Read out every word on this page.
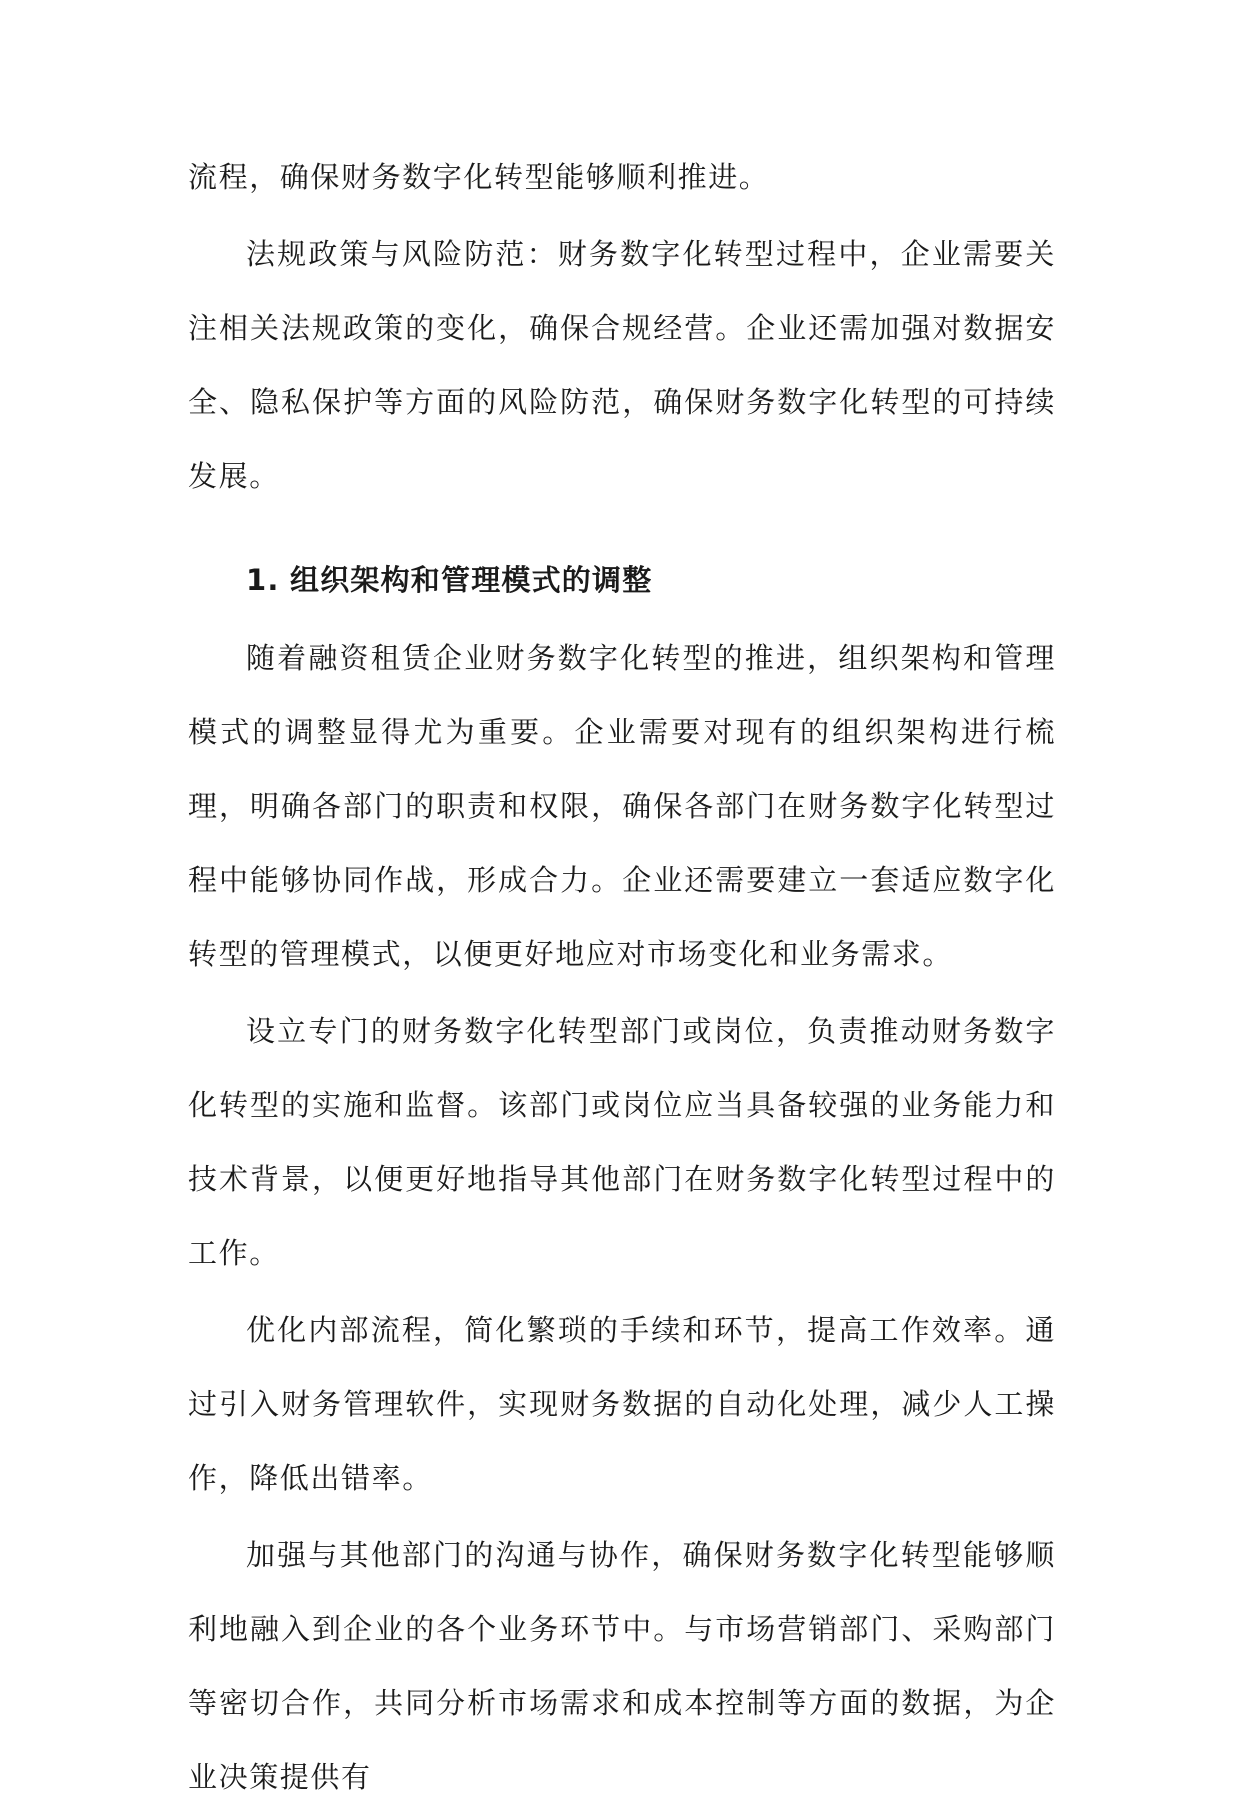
流程，确保财务数字化转型能够顺利推进。

法规政策与风险防范：财务数字化转型过程中，企业需要关注相关法规政策的变化，确保合规经营。企业还需加强对数据安全、隐私保护等方面的风险防范，确保财务数字化转型的可持续发展。

1. 组织架构和管理模式的调整

随着融资租赁企业财务数字化转型的推进，组织架构和管理模式的调整显得尤为重要。企业需要对现有的组织架构进行梳理，明确各部门的职责和权限，确保各部门在财务数字化转型过程中能够协同作战，形成合力。企业还需要建立一套适应数字化转型的管理模式，以便更好地应对市场变化和业务需求。

设立专门的财务数字化转型部门或岗位，负责推动财务数字化转型的实施和监督。该部门或岗位应当具备较强的业务能力和技术背景，以便更好地指导其他部门在财务数字化转型过程中的工作。

优化内部流程，简化繁琐的手续和环节，提高工作效率。通过引入财务管理软件，实现财务数据的自动化处理，减少人工操作，降低出错率。

加强与其他部门的沟通与协作，确保财务数字化转型能够顺利地融入到企业的各个业务环节中。与市场营销部门、采购部门等密切合作，共同分析市场需求和成本控制等方面的数据，为企业决策提供有
